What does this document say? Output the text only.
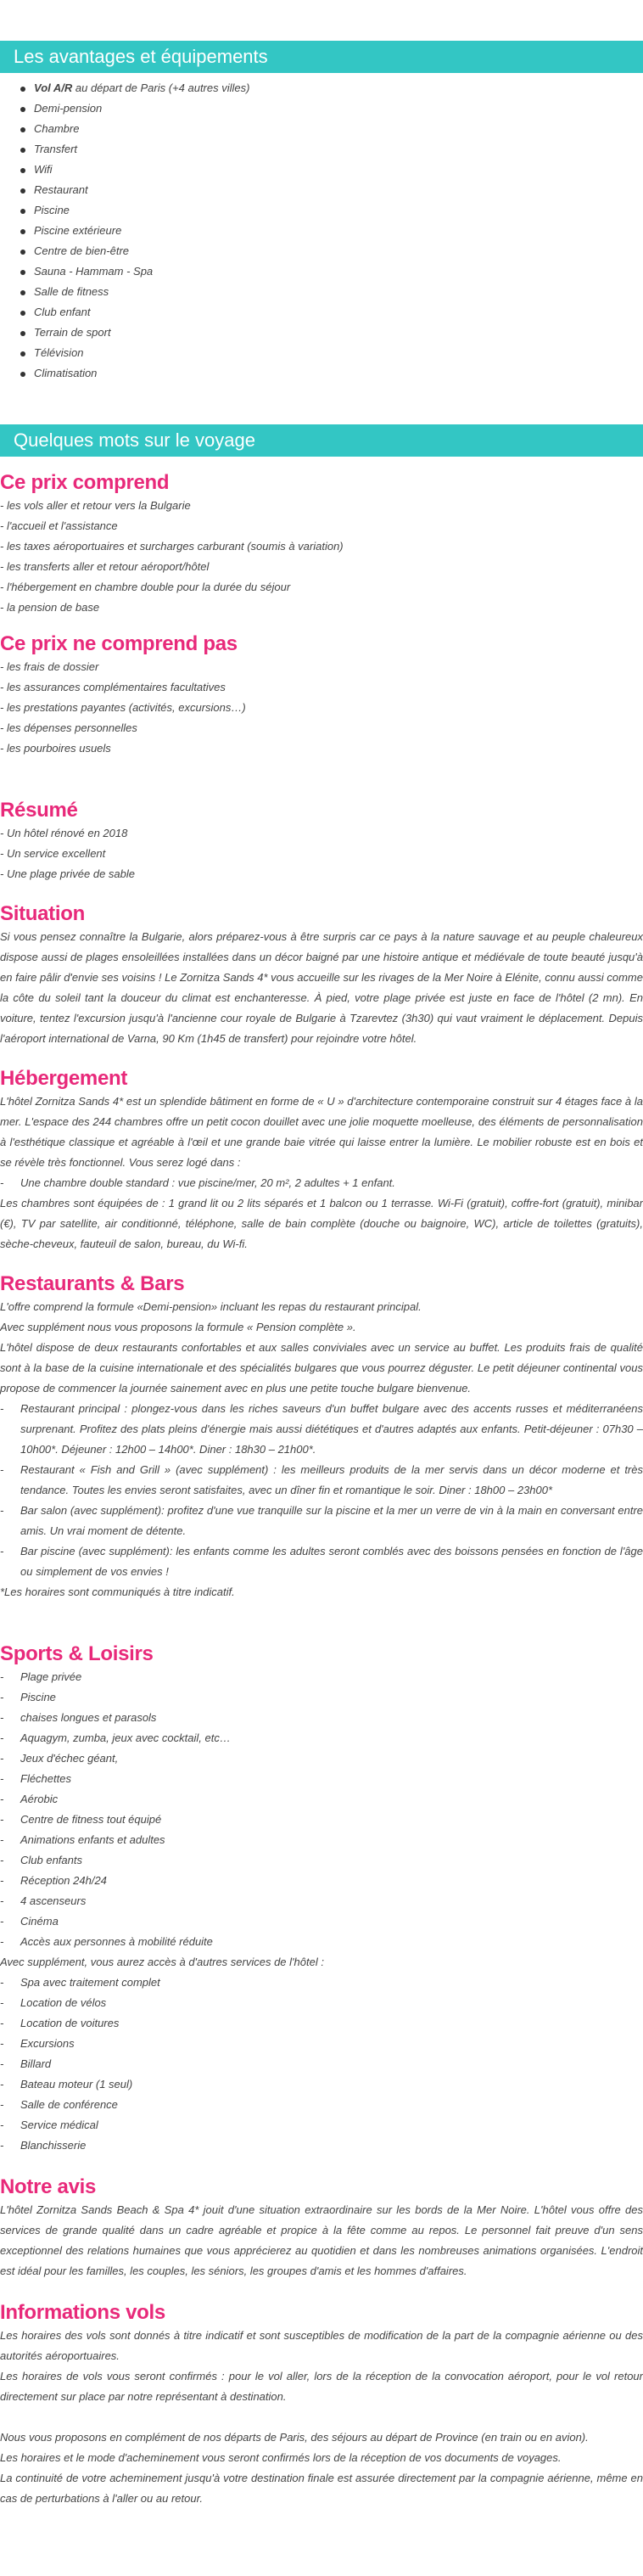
Les avantages et équipements
Vol A/R au départ de Paris (+4 autres villes)
Demi-pension
Chambre
Transfert
Wifi
Restaurant
Piscine
Piscine extérieure
Centre de bien-être
Sauna - Hammam - Spa
Salle de fitness
Club enfant
Terrain de sport
Télévision
Climatisation
Quelques mots sur le voyage
Ce prix comprend
- les vols aller et retour vers la Bulgarie
- l'accueil et l'assistance
- les taxes aéroportuaires et surcharges carburant (soumis à variation)
- les transferts aller et retour aéroport/hôtel
- l'hébergement en chambre double pour la durée du séjour
- la pension de base
Ce prix ne comprend pas
- les frais de dossier
- les assurances complémentaires facultatives
- les prestations payantes (activités, excursions…)
- les dépenses personnelles
- les pourboires usuels
Résumé
- Un hôtel rénové en 2018
- Un service excellent
- Une plage privée de sable
Situation

Si vous pensez connaître la Bulgarie, alors préparez-vous à être surpris car ce pays à la nature sauvage et au peuple chaleureux dispose aussi de plages ensoleillées installées dans un décor baigné par une histoire antique et médiévale de toute beauté jusqu'à en faire pâlir d'envie ses voisins ! Le Zornitza Sands 4* vous accueille sur les rivages de la Mer Noire à Elénite, connu aussi comme la côte du soleil tant la douceur du climat est enchanteresse. À pied, votre plage privée est juste en face de l'hôtel (2 mn). En voiture, tentez l'excursion jusqu'à l'ancienne cour royale de Bulgarie à Tzarevtez (3h30) qui vaut vraiment le déplacement. Depuis l'aéroport international de Varna, 90 Km (1h45 de transfert) pour rejoindre votre hôtel.

Hébergement

L'hôtel Zornitza Sands 4* est un splendide bâtiment en forme de « U » d'architecture contemporaine construit sur 4 étages face à la mer. L'espace des 244 chambres offre un petit cocon douillet avec une jolie moquette moelleuse, des éléments de personnalisation à l'esthétique classique et agréable à l'œil et une grande baie vitrée qui laisse entrer la lumière. Le mobilier robuste est en bois et se révèle très fonctionnel. Vous serez logé dans :

- Une chambre double standard : vue piscine/mer, 20 m², 2 adultes + 1 enfant.

Les chambres sont équipées de : 1 grand lit ou 2 lits séparés et 1 balcon ou 1 terrasse. Wi-Fi (gratuit), coffre-fort (gratuit), minibar (€), TV par satellite, air conditionné, téléphone, salle de bain complète (douche ou baignoire, WC), article de toilettes (gratuits), sèche-cheveux, fauteuil de salon, bureau, du Wi-fi.

Restaurants & Bars

L'offre comprend la formule «Demi-pension» incluant les repas du restaurant principal.

Avec supplément nous vous proposons la formule « Pension complète ».

L'hôtel dispose de deux restaurants confortables et aux salles conviviales avec un service au buffet. Les produits frais de qualité sont à la base de la cuisine internationale et des spécialités bulgares que vous pourrez déguster. Le petit déjeuner continental vous propose de commencer la journée sainement avec en plus une petite touche bulgare bienvenue.

- Restaurant principal : plongez-vous dans les riches saveurs d'un buffet bulgare avec des accents russes et méditerranéens surprenant. Profitez des plats pleins d'énergie mais aussi diététiques et d'autres adaptés aux enfants. Petit-déjeuner : 07h30 – 10h00*. Déjeuner : 12h00 – 14h00*. Diner : 18h30 – 21h00*.

- Restaurant « Fish and Grill » (avec supplément) : les meilleurs produits de la mer servis dans un décor moderne et très tendance. Toutes les envies seront satisfaites, avec un dîner fin et romantique le soir. Diner : 18h00 – 23h00*

- Bar salon (avec supplément): profitez d'une vue tranquille sur la piscine et la mer un verre de vin à la main en conversant entre amis. Un vrai moment de détente.

- Bar piscine (avec supplément): les enfants comme les adultes seront comblés avec des boissons pensées en fonction de l'âge ou simplement de vos envies !

*Les horaires sont communiqués à titre indicatif.

Sports & Loisirs
- Plage privée
- Piscine
- chaises longues et parasols
- Aquagym, zumba, jeux avec cocktail, etc…
- Jeux d'échec géant,
- Fléchettes
- Aérobic
- Centre de fitness tout équipé
- Animations enfants et adultes
- Club enfants
- Réception 24h/24
- 4 ascenseurs
- Cinéma
- Accès aux personnes à mobilité réduite
Avec supplément, vous aurez accès à d'autres services de l'hôtel :
- Spa avec traitement complet
- Location de vélos
- Location de voitures
- Excursions
- Billard
- Bateau moteur (1 seul)
- Salle de conférence
- Service médical
- Blanchisserie
Notre avis

L'hôtel Zornitza Sands Beach & Spa 4* jouit d'une situation extraordinaire sur les bords de la Mer Noire. L'hôtel vous offre des services de grande qualité dans un cadre agréable et propice à la fête comme au repos. Le personnel fait preuve d'un sens exceptionnel des relations humaines que vous apprécierez au quotidien et dans les nombreuses animations organisées. L'endroit est idéal pour les familles, les couples, les séniors, les groupes d'amis et les hommes d'affaires.

Informations vols

Les horaires des vols sont donnés à titre indicatif et sont susceptibles de modification de la part de la compagnie aérienne ou des autorités aéroportuaires.

Les horaires de vols vous seront confirmés : pour le vol aller, lors de la réception de la convocation aéroport, pour le vol retour directement sur place par notre représentant à destination.

Nous vous proposons en complément de nos départs de Paris, des séjours au départ de Province (en train ou en avion).

Les horaires et le mode d'acheminement vous seront confirmés lors de la réception de vos documents de voyages.

La continuité de votre acheminement jusqu'à votre destination finale est assurée directement par la compagnie aérienne, même en cas de perturbations à l'aller ou au retour.
